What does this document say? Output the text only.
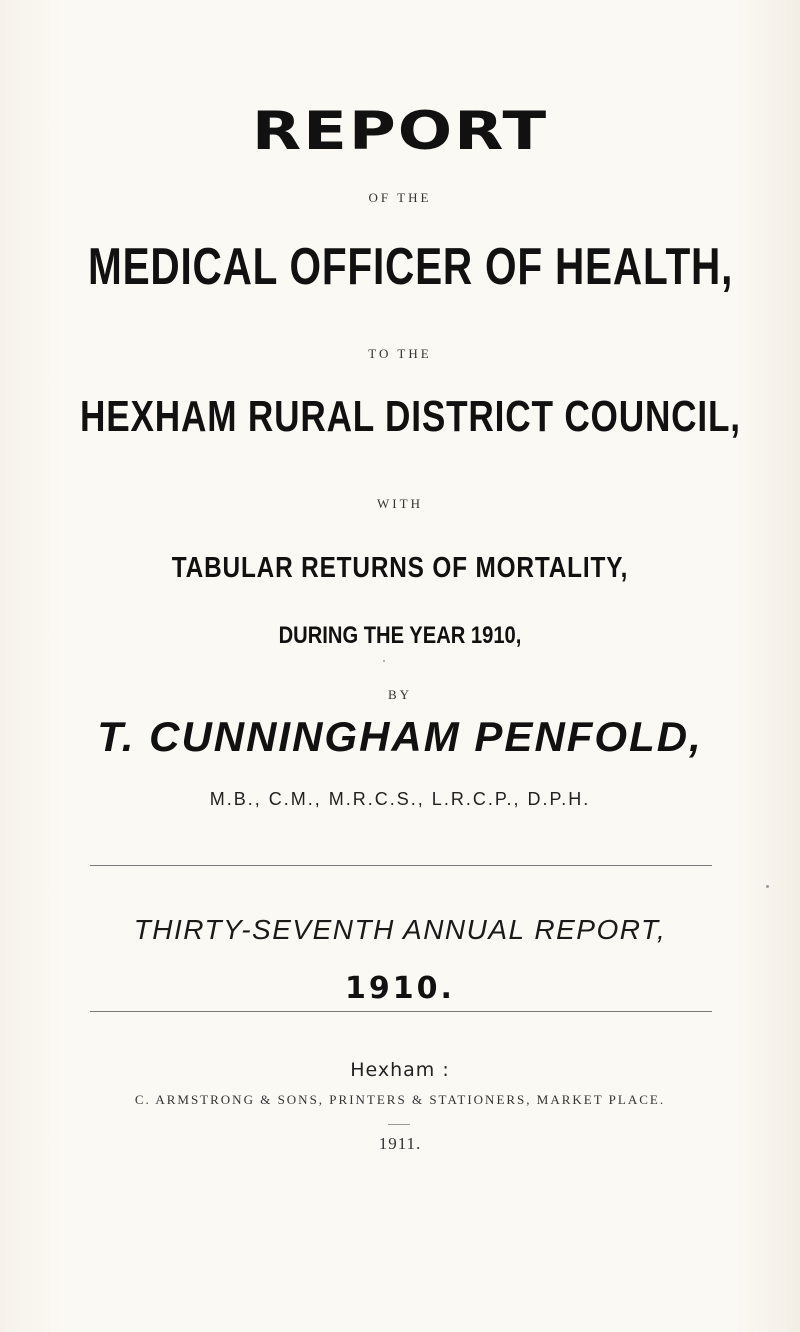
REPORT
OF THE
MEDICAL OFFICER OF HEALTH,
TO THE
HEXHAM RURAL DISTRICT COUNCIL,
WITH
TABULAR RETURNS OF MORTALITY,
DURING THE YEAR 1910,
BY
T. CUNNINGHAM PENFOLD,
M.B., C.M., M.R.C.S., L.R.C.P., D.P.H.
THIRTY-SEVENTH ANNUAL REPORT,
1910.
Hexham :
C. ARMSTRONG & SONS, PRINTERS & STATIONERS, MARKET PLACE.
1911.
